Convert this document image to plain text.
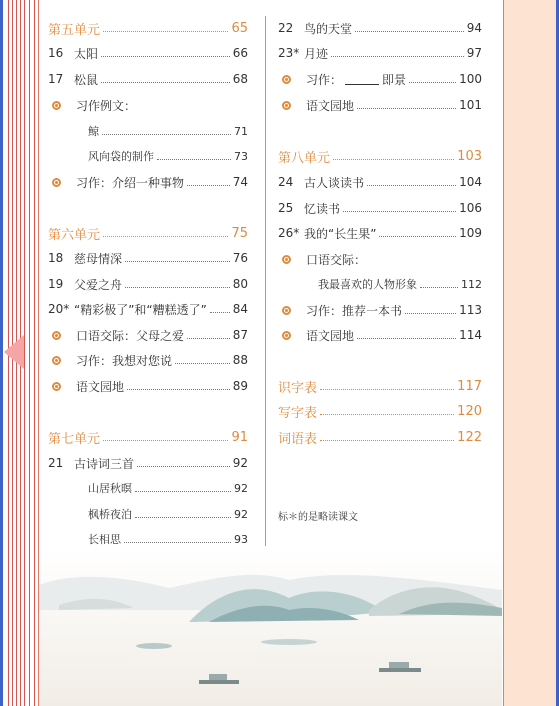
第五单元	65
16 太阳	66
17 松鼠	68
习作例文：
鲸	71
风向袋的制作	73
习作：介绍一种事物	74
第六单元	75
18 慈母情深	76
19 父爱之舟	80
20* “精彩极了”和“糟糕透了” 84
口语交际：父母之爱	87
习作：我想对您说	88
语文园地	89
第七单元	91
21 古诗词三首	92
山居秋暝	92
枫桥夜泊	92
长相思	93
22 鸟的天堂	94
23* 月迹	97
习作：	即景	100
语文园地	101
第八单元	103
24 古人谈读书	104
25 忆读书	106
26* 我的“长生果”	109
口语交际：
我最喜欢的人物形象	112
习作：推荐一本书	113
语文园地	114
识字表	117
写字表	120
词语表	122
标＊的是略读课文
